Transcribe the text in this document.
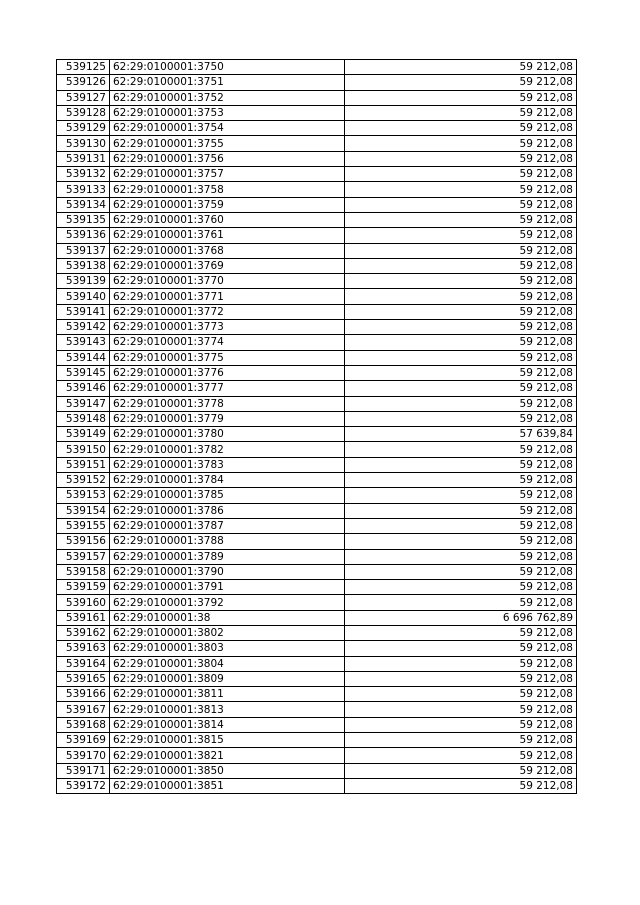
539125	62:29:0100001:3750	59 212,08
539126	62:29:0100001:3751	59 212,08
539127	62:29:0100001:3752	59 212,08
539128	62:29:0100001:3753	59 212,08
539129	62:29:0100001:3754	59 212,08
539130	62:29:0100001:3755	59 212,08
539131	62:29:0100001:3756	59 212,08
539132	62:29:0100001:3757	59 212,08
539133	62:29:0100001:3758	59 212,08
539134	62:29:0100001:3759	59 212,08
539135	62:29:0100001:3760	59 212,08
539136	62:29:0100001:3761	59 212,08
539137	62:29:0100001:3768	59 212,08
539138	62:29:0100001:3769	59 212,08
539139	62:29:0100001:3770	59 212,08
539140	62:29:0100001:3771	59 212,08
539141	62:29:0100001:3772	59 212,08
539142	62:29:0100001:3773	59 212,08
539143	62:29:0100001:3774	59 212,08
539144	62:29:0100001:3775	59 212,08
539145	62:29:0100001:3776	59 212,08
539146	62:29:0100001:3777	59 212,08
539147	62:29:0100001:3778	59 212,08
539148	62:29:0100001:3779	59 212,08
539149	62:29:0100001:3780	57 639,84
539150	62:29:0100001:3782	59 212,08
539151	62:29:0100001:3783	59 212,08
539152	62:29:0100001:3784	59 212,08
539153	62:29:0100001:3785	59 212,08
539154	62:29:0100001:3786	59 212,08
539155	62:29:0100001:3787	59 212,08
539156	62:29:0100001:3788	59 212,08
539157	62:29:0100001:3789	59 212,08
539158	62:29:0100001:3790	59 212,08
539159	62:29:0100001:3791	59 212,08
539160	62:29:0100001:3792	59 212,08
539161	62:29:0100001:38	6 696 762,89
539162	62:29:0100001:3802	59 212,08
539163	62:29:0100001:3803	59 212,08
539164	62:29:0100001:3804	59 212,08
539165	62:29:0100001:3809	59 212,08
539166	62:29:0100001:3811	59 212,08
539167	62:29:0100001:3813	59 212,08
539168	62:29:0100001:3814	59 212,08
539169	62:29:0100001:3815	59 212,08
539170	62:29:0100001:3821	59 212,08
539171	62:29:0100001:3850	59 212,08
539172	62:29:0100001:3851	59 212,08
